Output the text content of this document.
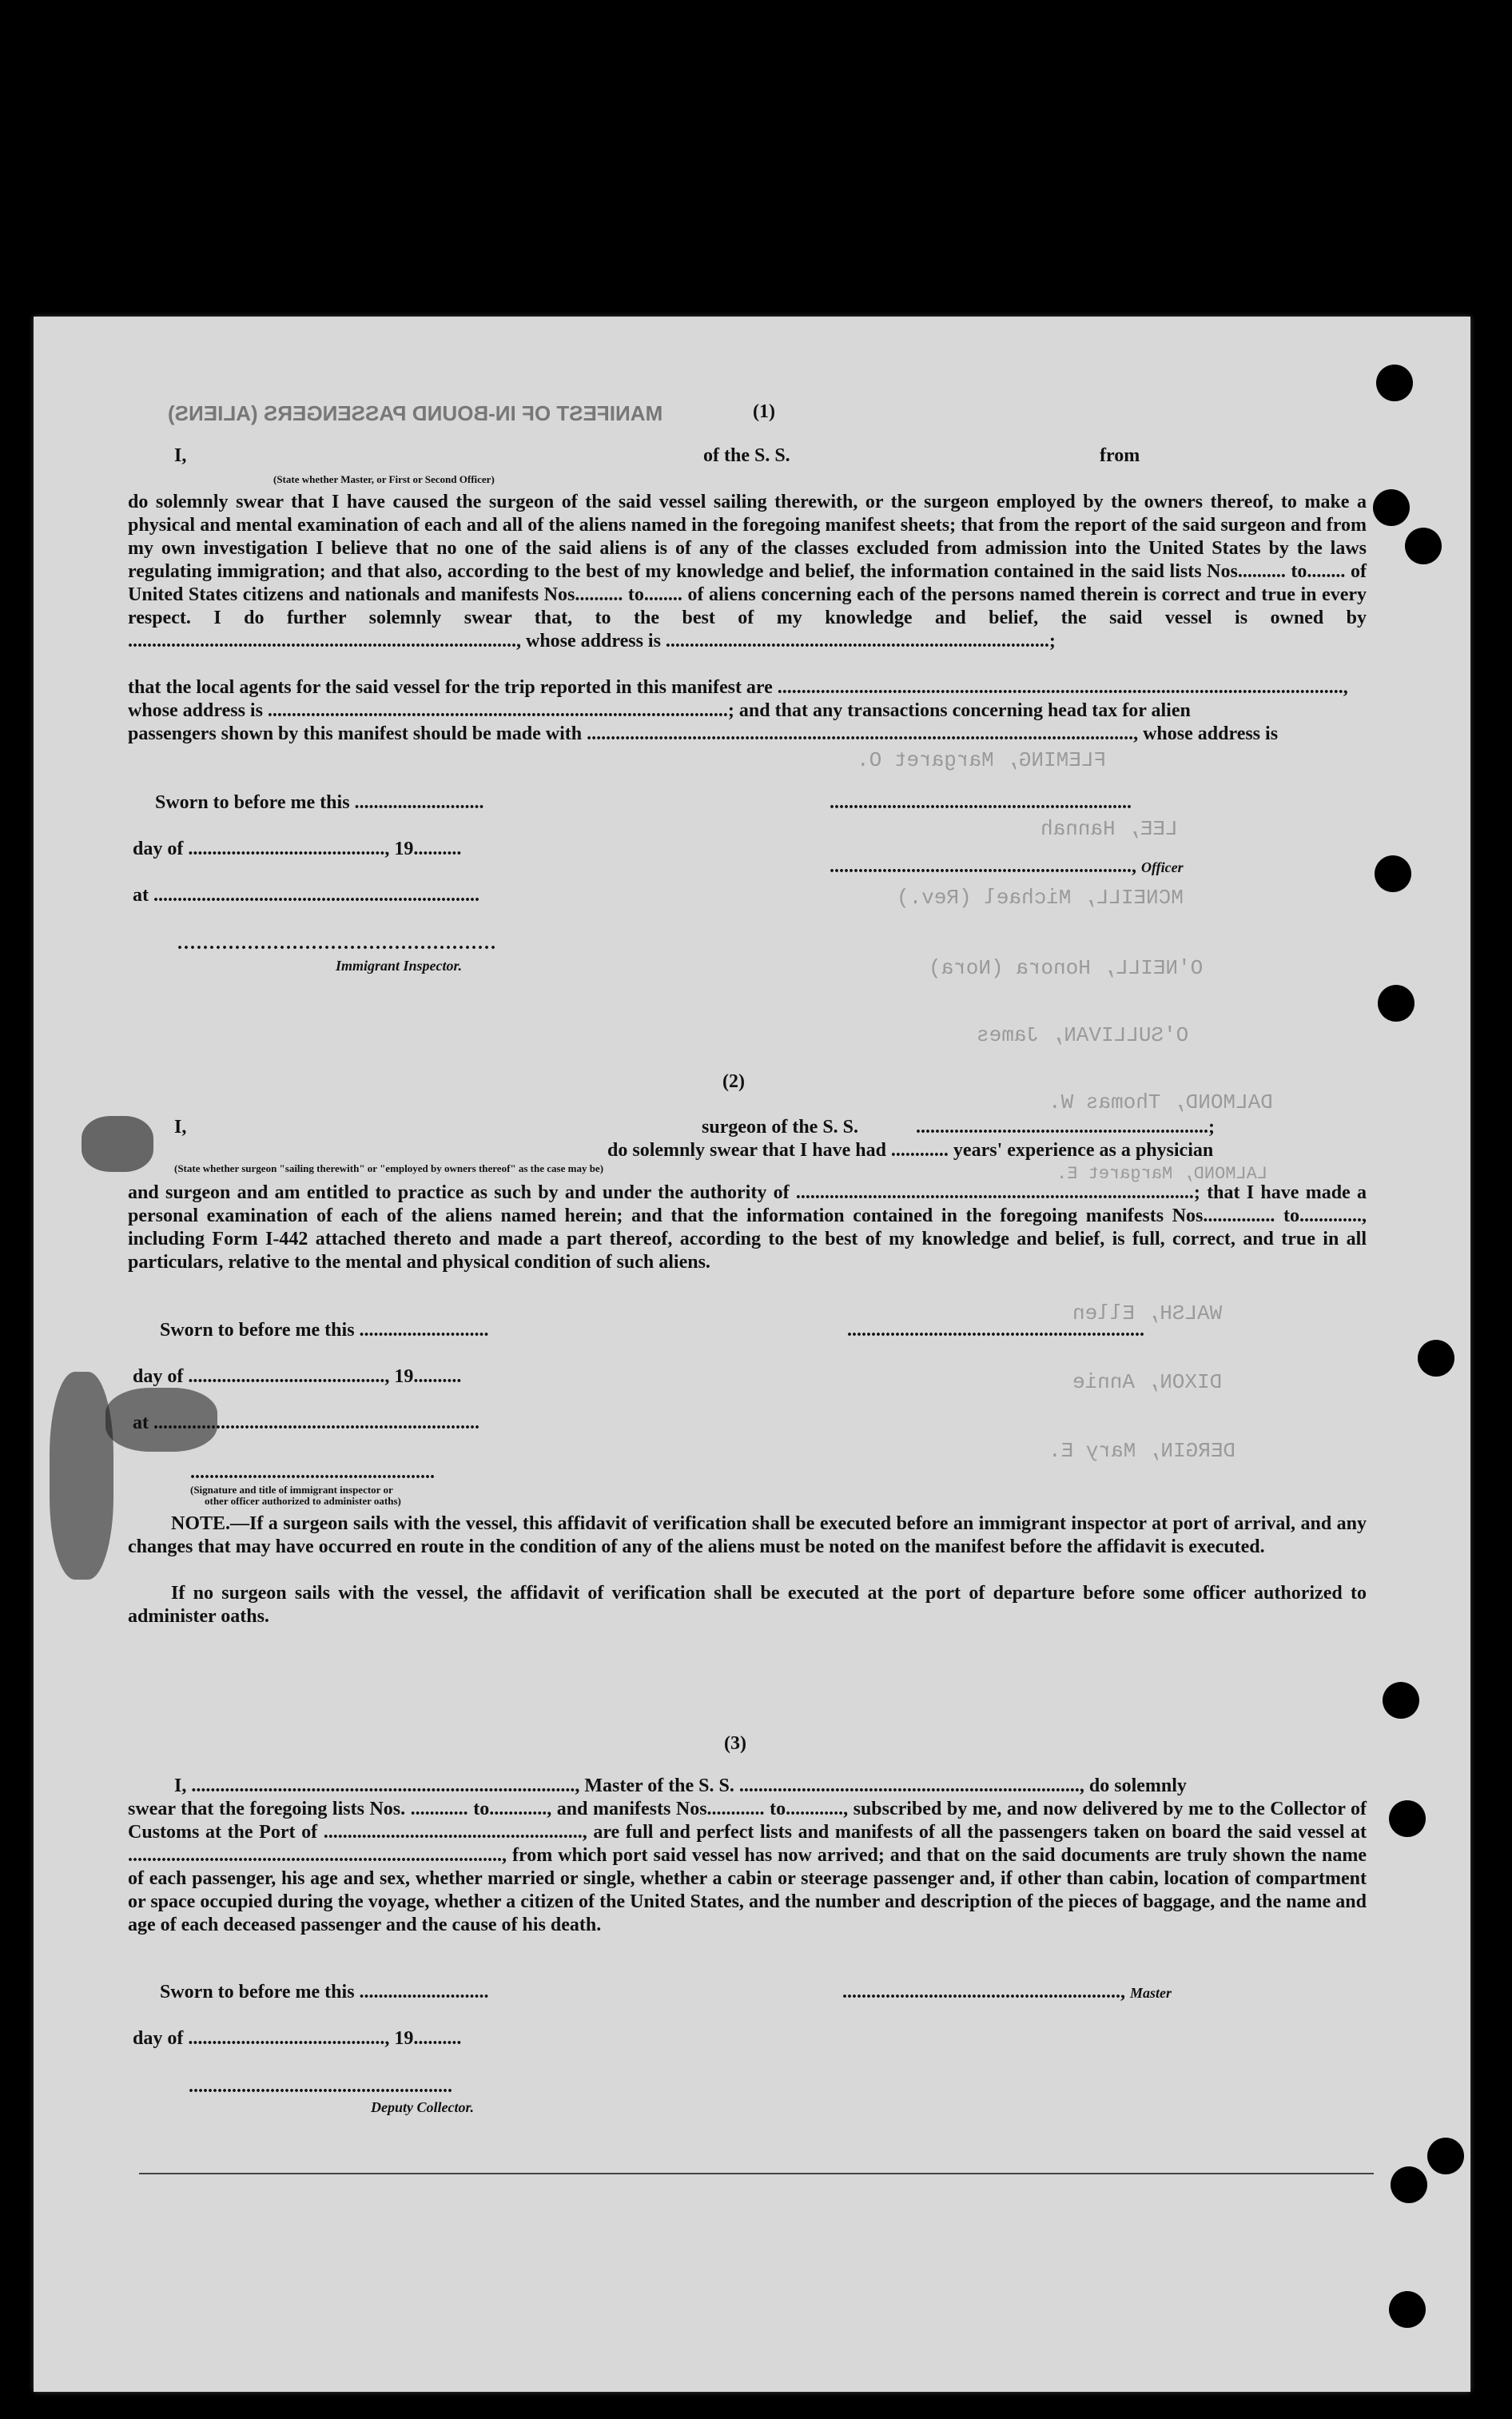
MANIFEST OF IN-BOUND PASSENGERS (ALIENS)
FLEMING, Margaret O.
LEE, Hannah
MCNEILL, Michael (Rev.)
O'NEILL, Honora (Nora)
O'SULLIVAN, James
DALMOND, Thomas W.
LALMOND, Margaret E.
WALSH, Ellen
DIXON, Annie
DERGIN, Mary E.
(1)
I,	of the S. S.	from
(State whether Master, or First or Second Officer)
do solemnly swear that I have caused the surgeon of the said vessel sailing therewith, or the surgeon employed by the owners thereof, to make a physical and mental examination of each and all of the aliens named in the foregoing manifest sheets; that from the report of the said surgeon and from my own investigation I believe that no one of the said aliens is of any of the classes excluded from admission into the United States by the laws regulating immigration; and that also, according to the best of my knowledge and belief, the information contained in the said lists Nos.......... to........ of United States citizens and nationals and manifests Nos.......... to........ of aliens concerning each of the persons named therein is correct and true in every respect. I do further solemnly swear that, to the best of my knowledge and belief, the said vessel is owned by ................................................................................., whose address is ................................................................................;
that the local agents for the said vessel for the trip reported in this manifest are ......................................................................................................................,
whose address is ................................................................................................; and that any transactions concerning head tax for alien
passengers shown by this manifest should be made with .................................................................................................................., whose address is
Sworn to before me this ...........................
day of ........................................., 19..........
at ....................................................................
..................................................
Immigrant Inspector.
..............................................................., Officer
...............................................................
(2)
I,	surgeon of the S. S.	.............................................................;
do solemnly swear that I have had ............ years' experience as a physician
(State whether surgeon "sailing therewith" or "employed by owners thereof" as the case may be)
and surgeon and am entitled to practice as such by and under the authority of ...................................................................................; that I have made a personal examination of each of the aliens named herein; and that the information contained in the foregoing manifests Nos............... to............., including Form I-442 attached thereto and made a part thereof, according to the best of my knowledge and belief, is full, correct, and true in all particulars, relative to the mental and physical condition of such aliens.
Sworn to before me this ...........................	..............................................................
day of ........................................., 19..........
at ....................................................................
...................................................
(Signature and title of immigrant inspector or
other officer authorized to administer oaths)
NOTE.—If a surgeon sails with the vessel, this affidavit of verification shall be executed before an immigrant inspector at port of arrival, and any changes that may have occurred en route in the condition of any of the aliens must be noted on the manifest before the affidavit is executed.
If no surgeon sails with the vessel, the affidavit of verification shall be executed at the port of departure before some officer authorized to administer oaths.
(3)
I, ................................................................................, Master of the S. S. ......................................................................., do solemnly
swear that the foregoing lists Nos. ............ to............, and manifests Nos............ to............, subscribed by me, and now delivered by me to the Collector of Customs at the Port of ......................................................, are full and perfect lists and manifests of all the passengers taken on board the said vessel at .............................................................................., from which port said vessel has now arrived; and that on the said documents are truly shown the name of each passenger, his age and sex, whether married or single, whether a cabin or steerage passenger and, if other than cabin, location of compartment or space occupied during the voyage, whether a citizen of the United States, and the number and description of the pieces of baggage, and the name and age of each deceased passenger and the cause of his death.
Sworn to before me this ...........................	.........................................................., Master
day of ........................................., 19..........
.......................................................
Deputy Collector.
